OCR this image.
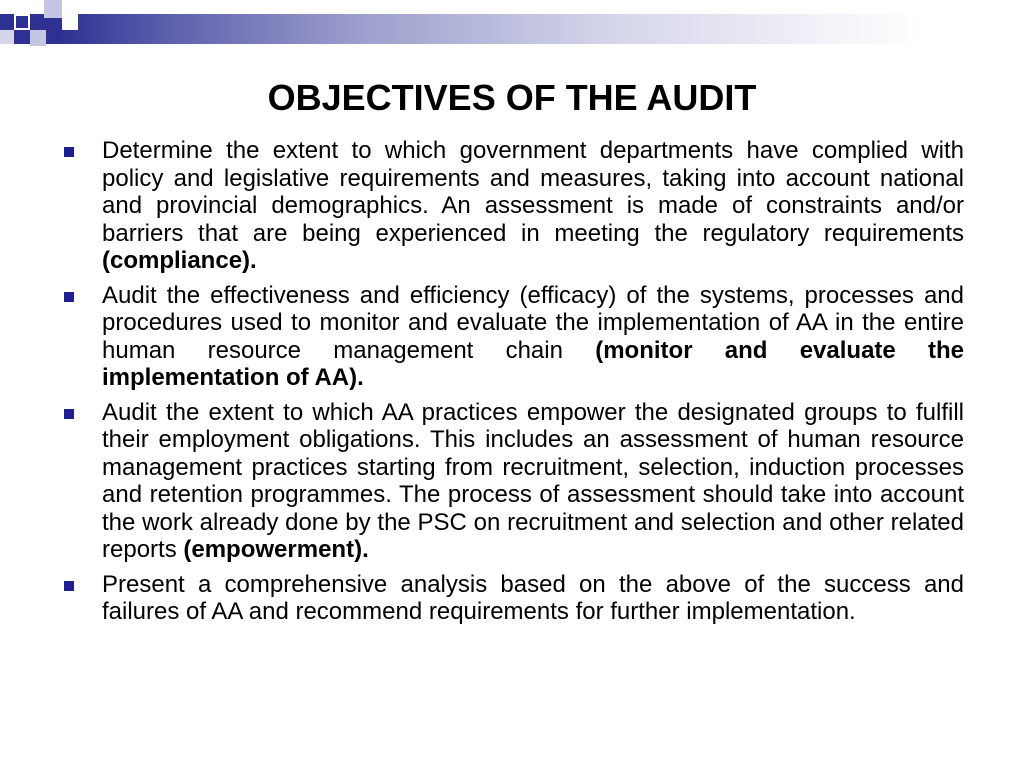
OBJECTIVES OF THE AUDIT
Determine the extent to which government departments have complied with policy and legislative requirements and measures, taking into account national and provincial demographics. An assessment is made of constraints and/or barriers that are being experienced in meeting the regulatory requirements (compliance).
Audit the effectiveness and efficiency (efficacy) of the systems, processes and procedures used to monitor and evaluate the implementation of AA in the entire human resource management chain (monitor and evaluate the implementation of AA).
Audit the extent to which AA practices empower the designated groups to fulfill their employment obligations. This includes an assessment of human resource management practices starting from recruitment, selection, induction processes and retention programmes. The process of assessment should take into account the work already done by the PSC on recruitment and selection and other related reports (empowerment).
Present a comprehensive analysis based on the above of the success and failures of AA and recommend requirements for further implementation.
